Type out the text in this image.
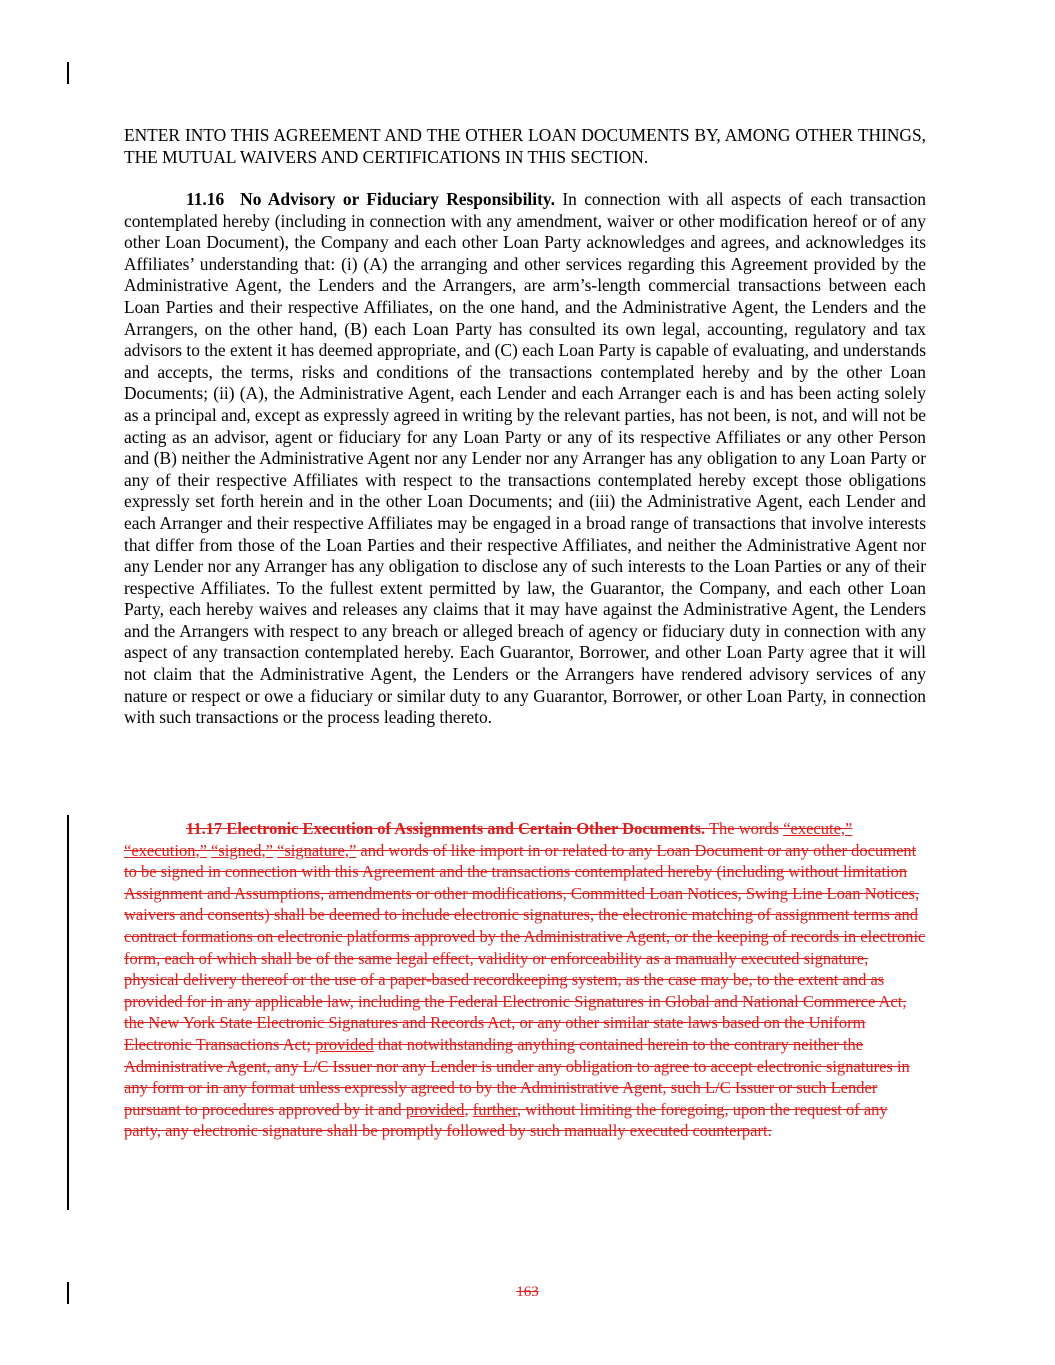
ENTER INTO THIS AGREEMENT AND THE OTHER LOAN DOCUMENTS BY, AMONG OTHER THINGS, THE MUTUAL WAIVERS AND CERTIFICATIONS IN THIS SECTION.

11.16 No Advisory or Fiduciary Responsibility. In connection with all aspects of each transaction contemplated hereby (including in connection with any amendment, waiver or other modification hereof or of any other Loan Document), the Company and each other Loan Party acknowledges and agrees, and acknowledges its Affiliates’ understanding that: (i) (A) the arranging and other services regarding this Agreement provided by the Administrative Agent, the Lenders and the Arrangers, are arm’s-length commercial transactions between each Loan Parties and their respective Affiliates, on the one hand, and the Administrative Agent, the Lenders and the Arrangers, on the other hand, (B) each Loan Party has consulted its own legal, accounting, regulatory and tax advisors to the extent it has deemed appropriate, and (C) each Loan Party is capable of evaluating, and understands and accepts, the terms, risks and conditions of the transactions contemplated hereby and by the other Loan Documents; (ii) (A), the Administrative Agent, each Lender and each Arranger each is and has been acting solely as a principal and, except as expressly agreed in writing by the relevant parties, has not been, is not, and will not be acting as an advisor, agent or fiduciary for any Loan Party or any of its respective Affiliates or any other Person and (B) neither the Administrative Agent nor any Lender nor any Arranger has any obligation to any Loan Party or any of their respective Affiliates with respect to the transactions contemplated hereby except those obligations expressly set forth herein and in the other Loan Documents; and (iii) the Administrative Agent, each Lender and each Arranger and their respective Affiliates may be engaged in a broad range of transactions that involve interests that differ from those of the Loan Parties and their respective Affiliates, and neither the Administrative Agent nor any Lender nor any Arranger has any obligation to disclose any of such interests to the Loan Parties or any of their respective Affiliates. To the fullest extent permitted by law, the Guarantor, the Company, and each other Loan Party, each hereby waives and releases any claims that it may have against the Administrative Agent, the Lenders and the Arrangers with respect to any breach or alleged breach of agency or fiduciary duty in connection with any aspect of any transaction contemplated hereby. Each Guarantor, Borrower, and other Loan Party agree that it will not claim that the Administrative Agent, the Lenders or the Arrangers have rendered advisory services of any nature or respect or owe a fiduciary or similar duty to any Guarantor, Borrower, or other Loan Party, in connection with such transactions or the process leading thereto.

11.17 Electronic Execution of Assignments and Certain Other Documents. The words “execute,” “execution,” “signed,” “signature,” and words of like import in or related to any Loan Document or any other document to be signed in connection with this Agreement and the transactions contemplated hereby (including without limitation Assignment and Assumptions, amendments or other modifications, Committed Loan Notices, Swing Line Loan Notices, waivers and consents) shall be deemed to include electronic signatures, the electronic matching of assignment terms and contract formations on electronic platforms approved by the Administrative Agent, or the keeping of records in electronic form, each of which shall be of the same legal effect, validity or enforceability as a manually executed signature, physical delivery thereof or the use of a paper-based recordkeeping system, as the case may be, to the extent and as provided for in any applicable law, including the Federal Electronic Signatures in Global and National Commerce Act, the New York State Electronic Signatures and Records Act, or any other similar state laws based on the Uniform Electronic Transactions Act; provided that notwithstanding anything contained herein to the contrary neither the Administrative Agent, any L/C Issuer nor any Lender is under any obligation to agree to accept electronic signatures in any form or in any format unless expressly agreed to by the Administrative Agent, such L/C Issuer or such Lender pursuant to procedures approved by it and provided, further, without limiting the foregoing, upon the request of any party, any electronic signature shall be promptly followed by such manually executed counterpart.

163
